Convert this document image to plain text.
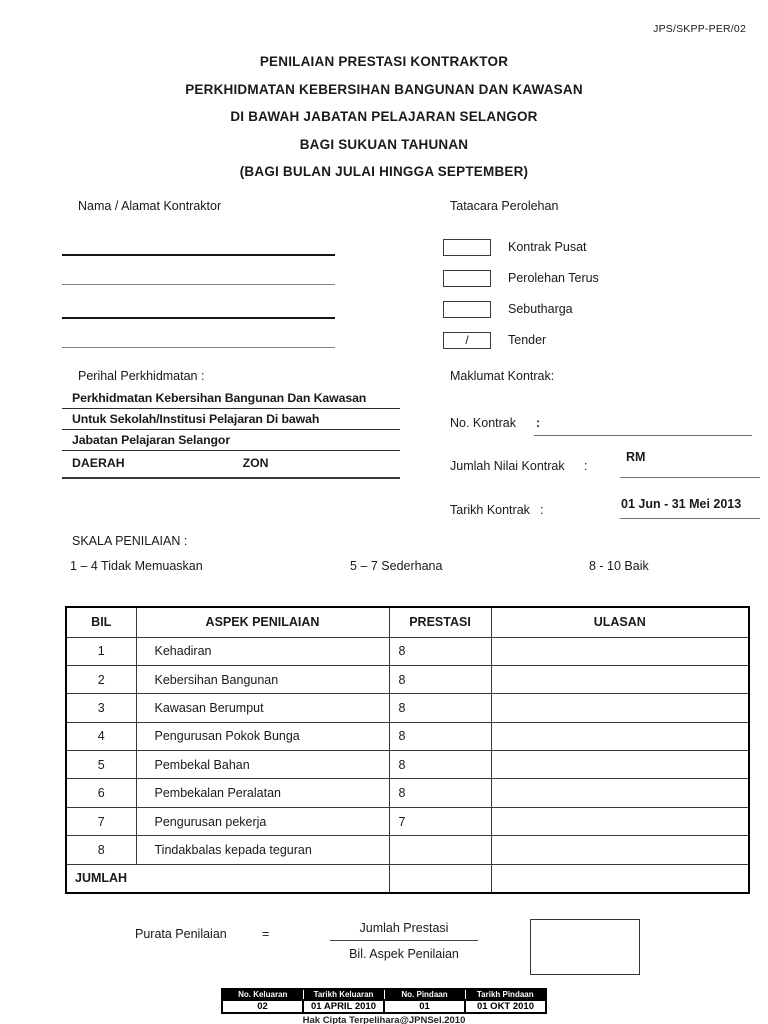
JPS/SKPP-PER/02
PENILAIAN PRESTASI KONTRAKTOR
PERKHIDMATAN KEBERSIHAN BANGUNAN DAN KAWASAN
DI BAWAH JABATAN PELAJARAN SELANGOR
BAGI SUKUAN TAHUNAN
(BAGI BULAN JULAI HINGGA SEPTEMBER)
Nama / Alamat Kontraktor	Tatacara Perolehan
Kontrak Pusat
Perolehan Terus
Sebutharga
/	Tender
Perihal Perkhidmatan :
Perkhidmatan Kebersihan Bangunan Dan Kawasan
Untuk Sekolah/Institusi Pelajaran Di bawah
Jabatan Pelajaran Selangor
DAERAH	ZON
Maklumat Kontrak:
No. Kontrak :
Jumlah Nilai Kontrak :
RM
Tarikh Kontrak :	01 Jun - 31 Mei 2013
SKALA PENILAIAN :
1 – 4 Tidak Memuaskan	5 – 7 Sederhana	8 - 10 Baik
BIL	ASPEK PENILAIAN	PRESTASI	ULASAN
1	Kehadiran	8	
2	Kebersihan Bangunan	8	
3	Kawasan Berumput	8	
4	Pengurusan Pokok Bunga	8	
5	Pembekal Bahan	8	
6	Pembekalan Peralatan	8	
7	Pengurusan pekerja	7	
8	Tindakbalas kepada teguran		
JUMLAH			
Purata Penilaian	=	Jumlah Prestasi
Bil. Aspek Penilaian
No. Keluaran	Tarikh Keluaran	No. Pindaan	Tarikh Pindaan
02	01 APRIL 2010	01	01 OKT 2010
Hak Cipta Terpelihara@JPNSel.2010
